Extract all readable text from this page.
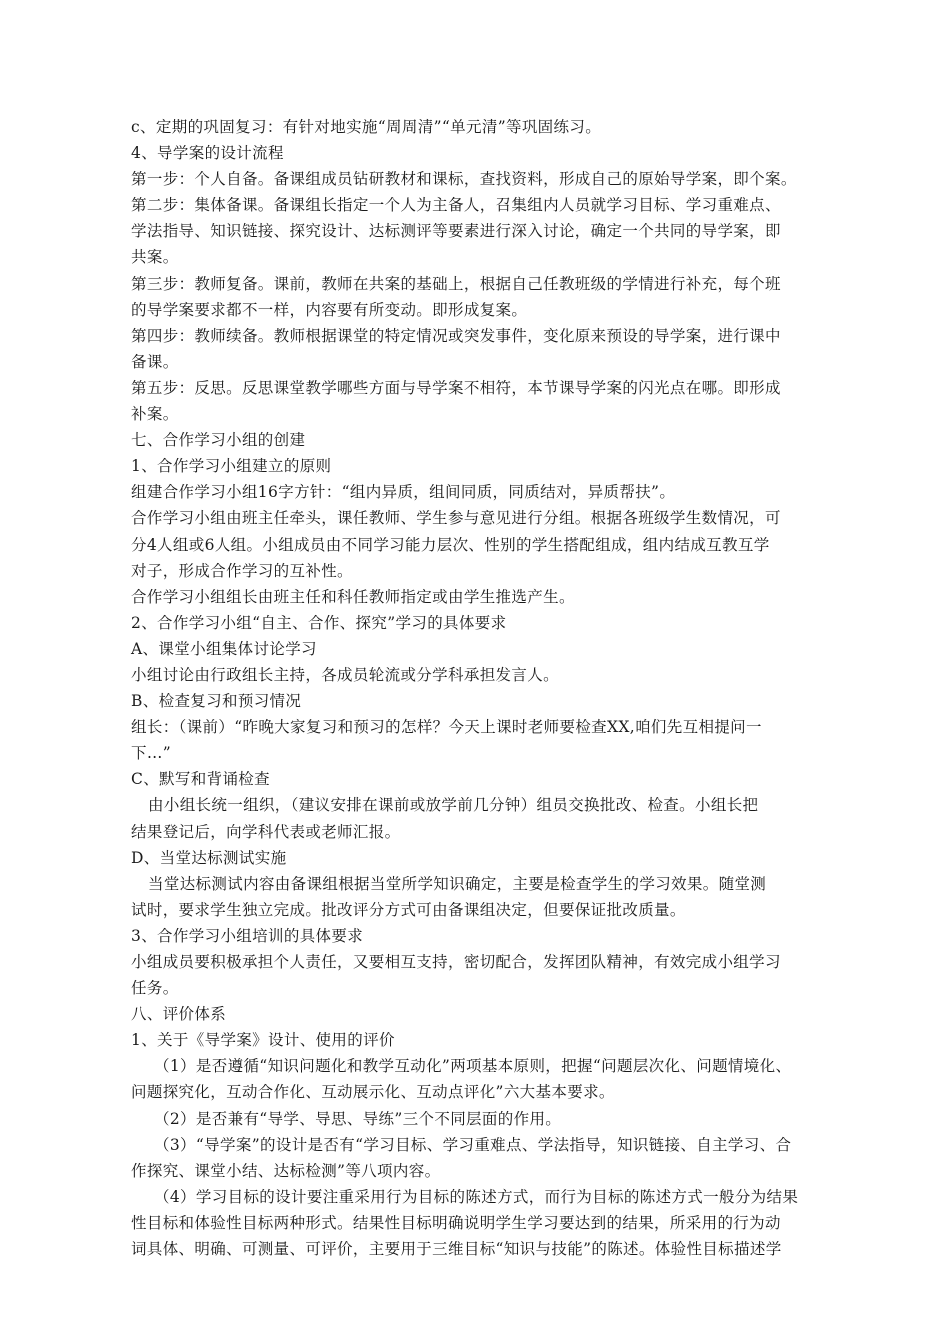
c、定期的巩固复习：有针对地实施“周周清”“单元清”等巩固练习。
4、导学案的设计流程
第一步：个人自备。备课组成员钻研教材和课标，查找资料，形成自己的原始导学案，即个案。
第二步：集体备课。备课组长指定一个人为主备人，召集组内人员就学习目标、学习重难点、
学法指导、知识链接、探究设计、达标测评等要素进行深入讨论，确定一个共同的导学案，即
共案。
第三步：教师复备。课前，教师在共案的基础上，根据自己任教班级的学情进行补充，每个班
的导学案要求都不一样，内容要有所变动。即形成复案。
第四步：教师续备。教师根据课堂的特定情况或突发事件，变化原来预设的导学案，进行课中
备课。
第五步：反思。反思课堂教学哪些方面与导学案不相符，本节课导学案的闪光点在哪。即形成
补案。
七、合作学习小组的创建
1、合作学习小组建立的原则
组建合作学习小组16字方针：“组内异质，组间同质，同质结对，异质帮扶”。
合作学习小组由班主任牵头，课任教师、学生参与意见进行分组。根据各班级学生数情况，可
分4人组或6人组。小组成员由不同学习能力层次、性别的学生搭配组成，组内结成互教互学
对子，形成合作学习的互补性。
合作学习小组组长由班主任和科任教师指定或由学生推选产生。
2、合作学习小组“自主、合作、探究”学习的具体要求
A、课堂小组集体讨论学习
小组讨论由行政组长主持，各成员轮流或分学科承担发言人。
B、检查复习和预习情况
组长：（课前）“昨晚大家复习和预习的怎样？今天上课时老师要检查XX,咱们先互相提问一
下…”
C、默写和背诵检查
由小组长统一组织，（建议安排在课前或放学前几分钟）组员交换批改、检查。小组长把
结果登记后，向学科代表或老师汇报。
D、当堂达标测试实施
当堂达标测试内容由备课组根据当堂所学知识确定，主要是检查学生的学习效果。随堂测
试时，要求学生独立完成。批改评分方式可由备课组决定，但要保证批改质量。
3、合作学习小组培训的具体要求
小组成员要积极承担个人责任，又要相互支持，密切配合，发挥团队精神，有效完成小组学习
任务。
八、评价体系
1、关于《导学案》设计、使用的评价
（1）是否遵循“知识问题化和教学互动化”两项基本原则，把握“问题层次化、问题情境化、
问题探究化，互动合作化、互动展示化、互动点评化”六大基本要求。
（2）是否兼有“导学、导思、导练”三个不同层面的作用。
（3）“导学案”的设计是否有“学习目标、学习重难点、学法指导，知识链接、自主学习、合
作探究、课堂小结、达标检测”等八项内容。
（4）学习目标的设计要注重采用行为目标的陈述方式，而行为目标的陈述方式一般分为结果
性目标和体验性目标两种形式。结果性目标明确说明学生学习要达到的结果，所采用的行为动
词具体、明确、可测量、可评价，主要用于三维目标“知识与技能”的陈述。体验性目标描述学
